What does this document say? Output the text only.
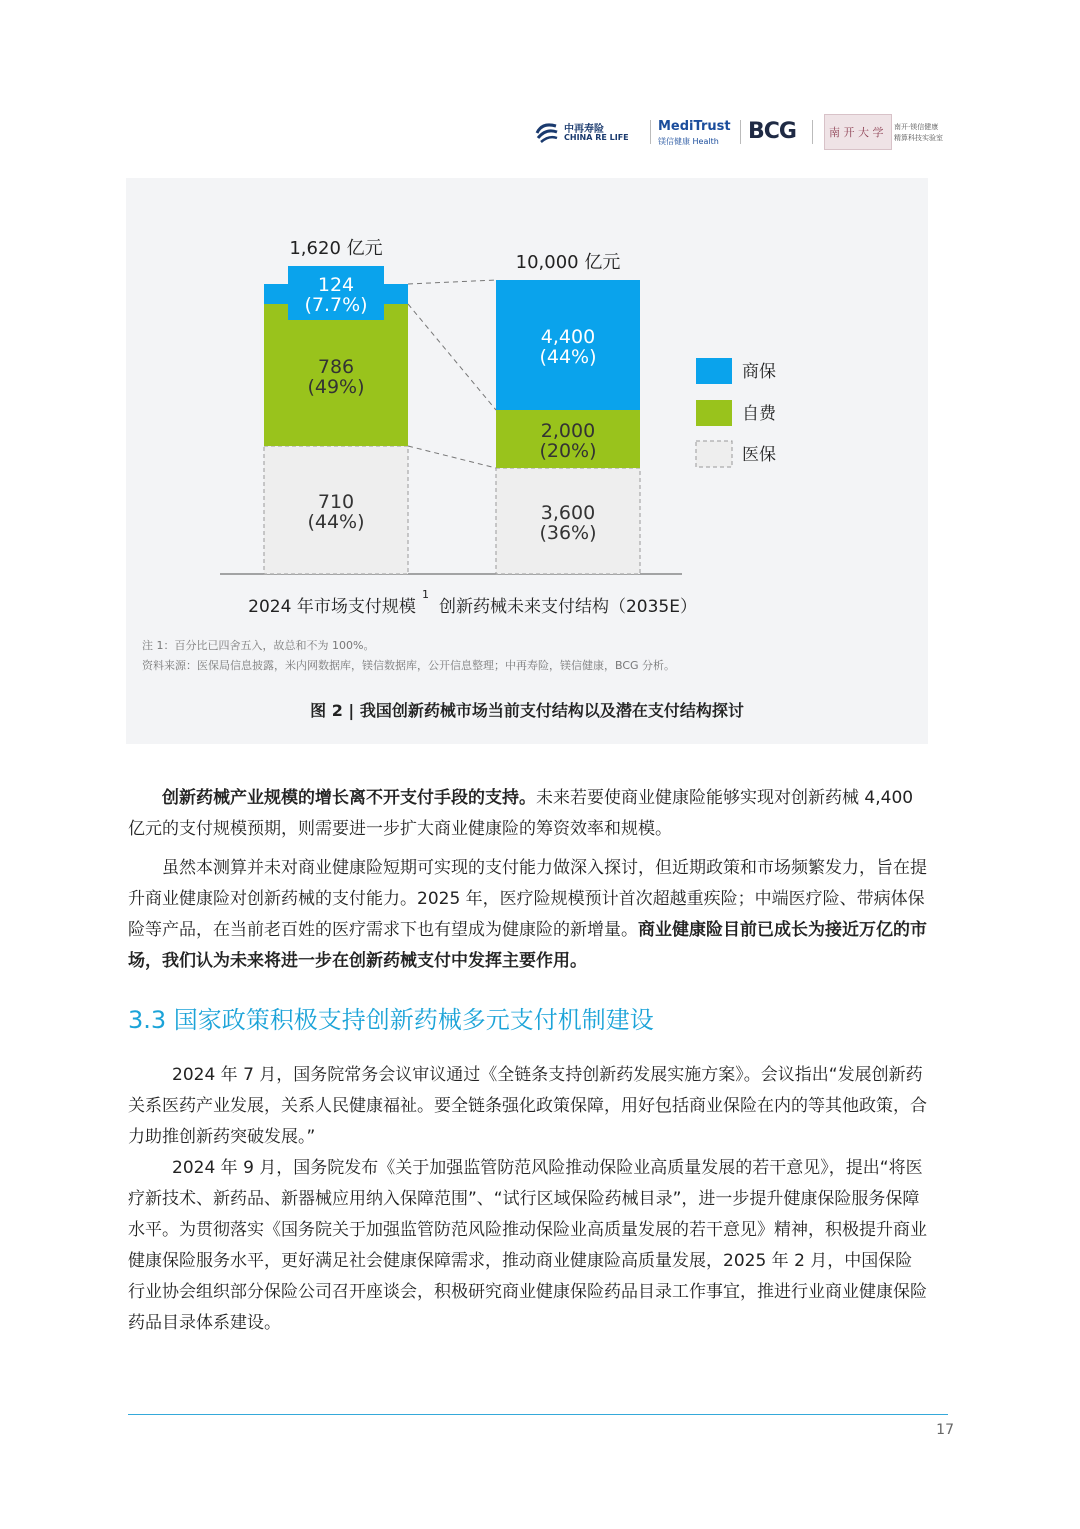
中再寿险
CHINA RE LIFE
MediTrust
镁信健康 Health BCG	南 开 大 学 南开·镁信健康
精算科技实验室
710
(44%)
786
(49%)
124
(7.7%)
3,600
(36%)
2,000
(20%)
4,400
(44%)
1,620 亿元
10,000 亿元
2024 年市场支付规模
1
创新药械未来支付结构（2035E）
商保
自费
医保
注 1：百分比已四舍五入，故总和不为 100%。
资料来源：医保局信息披露，米内网数据库，镁信数据库，公开信息整理；中再寿险，镁信健康，BCG 分析。
图 2 | 我国创新药械市场当前支付结构以及潜在支付结构探讨

创新药械产业规模的增长离不开支付手段的支持。未来若要使商业健康险能够实现对创新药械 4,400 亿元的支付规模预期，则需要进一步扩大商业健康险的筹资效率和规模。

虽然本测算并未对商业健康险短期可实现的支付能力做深入探讨，但近期政策和市场频繁发力，旨在提升商业健康险对创新药械的支付能力。2025 年，医疗险规模预计首次超越重疾险；中端医疗险、带病体保险等产品，在当前老百姓的医疗需求下也有望成为健康险的新增量。商业健康险目前已成长为接近万亿的市场，我们认为未来将进一步在创新药械支付中发挥主要作用。

3.3 国家政策积极支持创新药械多元支付机制建设

2024 年 7 月，国务院常务会议审议通过《全链条支持创新药发展实施方案》。会议指出“发展创新药关系医药产业发展，关系人民健康福祉。要全链条强化政策保障，用好包括商业保险在内的等其他政策，合力助推创新药突破发展。”

2024 年 9 月，国务院发布《关于加强监管防范风险推动保险业高质量发展的若干意见》，提出“将医疗新技术、新药品、新器械应用纳入保障范围”、“试行区域保险药械目录”，进一步提升健康保险服务保障水平。为贯彻落实《国务院关于加强监管防范风险推动保险业高质量发展的若干意见》精神，积极提升商业健康保险服务水平，更好满足社会健康保障需求，推动商业健康险高质量发展，2025 年 2 月，中国保险行业协会组织部分保险公司召开座谈会，积极研究商业健康保险药品目录工作事宜，推进行业商业健康保险药品目录体系建设。

17
